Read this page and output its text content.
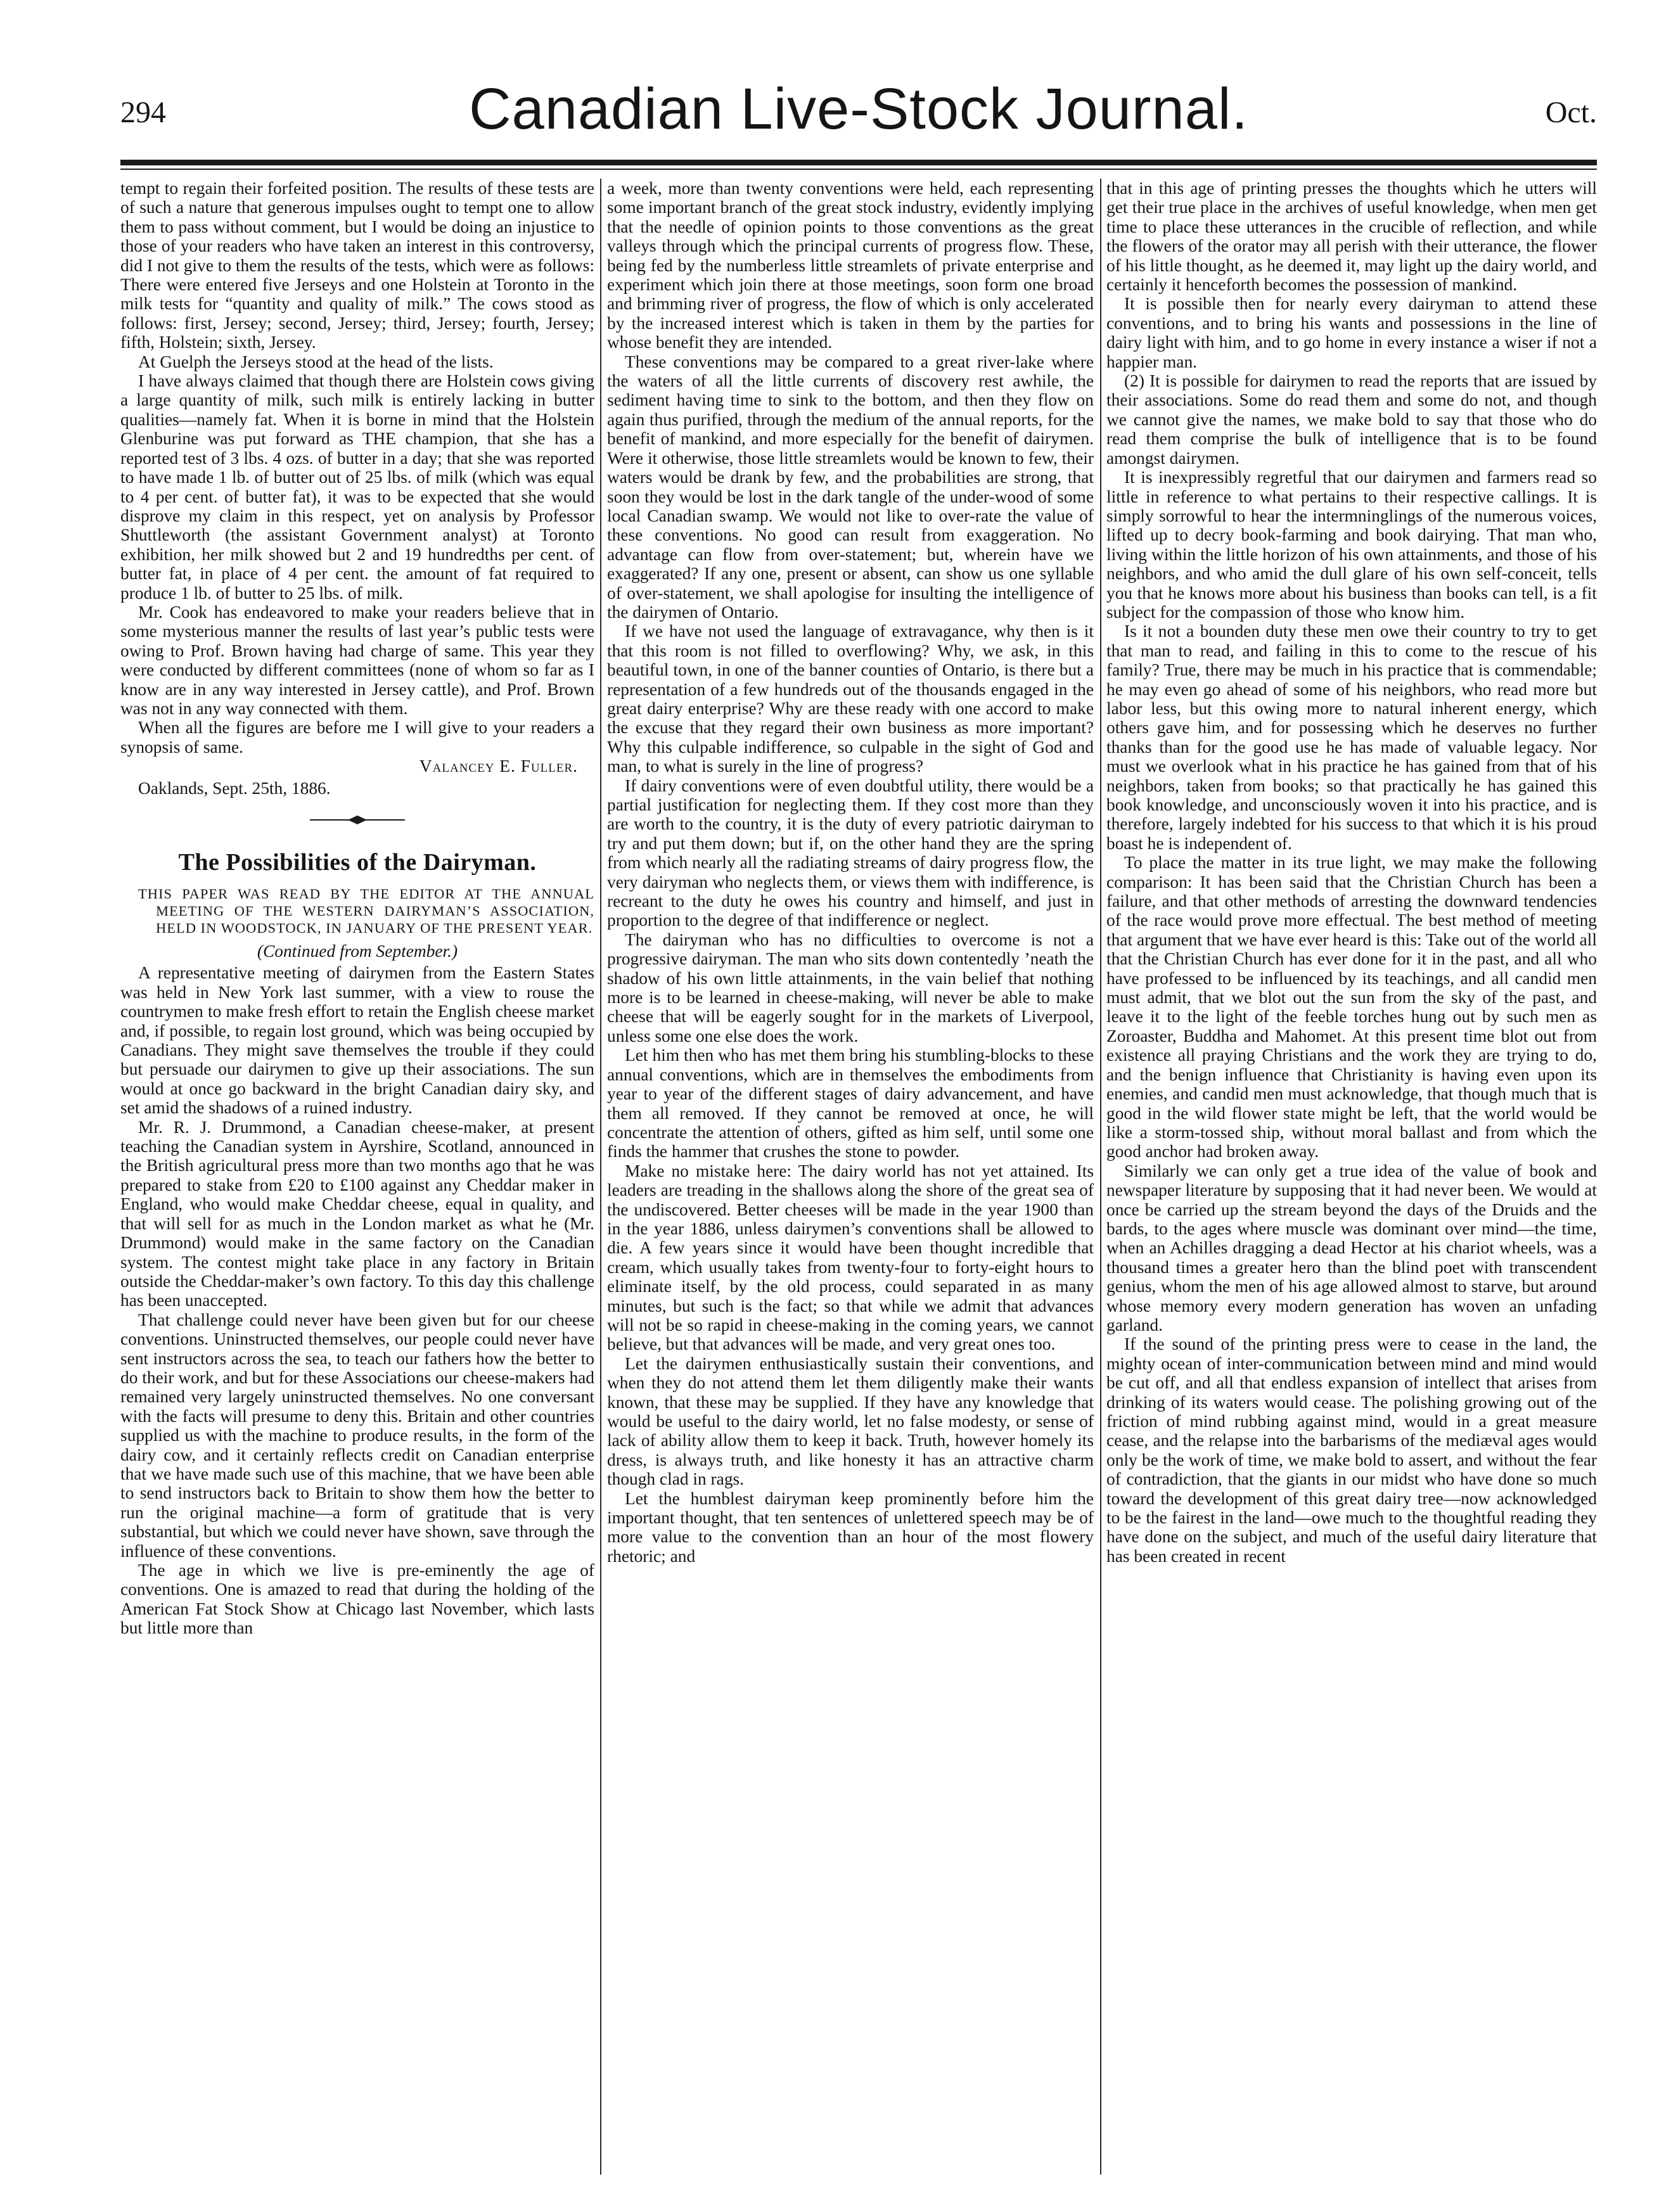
294	Canadian Live-Stock Journal.	Oct.

tempt to regain their forfeited position. The results of these tests are of such a nature that generous impulses ought to tempt one to allow them to pass without comment, but I would be doing an injustice to those of your readers who have taken an interest in this controversy, did I not give to them the results of the tests, which were as follows: There were entered five Jerseys and one Holstein at Toronto in the milk tests for “quantity and quality of milk.” The cows stood as follows: first, Jersey; second, Jersey; third, Jersey; fourth, Jersey; fifth, Holstein; sixth, Jersey.

At Guelph the Jerseys stood at the head of the lists.

I have always claimed that though there are Holstein cows giving a large quantity of milk, such milk is entirely lacking in butter qualities—namely fat. When it is borne in mind that the Holstein Glenburine was put forward as THE champion, that she has a reported test of 3 lbs. 4 ozs. of butter in a day; that she was reported to have made 1 lb. of butter out of 25 lbs. of milk (which was equal to 4 per cent. of butter fat), it was to be expected that she would disprove my claim in this respect, yet on analysis by Professor Shuttleworth (the assistant Government analyst) at Toronto exhibition, her milk showed but 2 and 19 hundredths per cent. of butter fat, in place of 4 per cent. the amount of fat required to produce 1 lb. of butter to 25 lbs. of milk.

Mr. Cook has endeavored to make your readers believe that in some mysterious manner the results of last year’s public tests were owing to Prof. Brown having had charge of same. This year they were conducted by different committees (none of whom so far as I know are in any way interested in Jersey cattle), and Prof. Brown was not in any way connected with them.

When all the figures are before me I will give to your readers a synopsis of same.

Valancey E. Fuller.
Oaklands, Sept. 25th, 1886.
The Possibilities of the Dairyman.
THIS PAPER WAS READ BY THE EDITOR AT THE ANNUAL MEETING OF THE WESTERN DAIRYMAN’S ASSOCIATION, HELD IN WOODSTOCK, IN JANUARY OF THE PRESENT YEAR.
(Continued from September.)

A representative meeting of dairymen from the Eastern States was held in New York last summer, with a view to rouse the countrymen to make fresh effort to retain the English cheese market and, if possible, to regain lost ground, which was being occupied by Canadians. They might save themselves the trouble if they could but persuade our dairymen to give up their associations. The sun would at once go backward in the bright Canadian dairy sky, and set amid the shadows of a ruined industry.

Mr. R. J. Drummond, a Canadian cheese-maker, at present teaching the Canadian system in Ayrshire, Scotland, announced in the British agricultural press more than two months ago that he was prepared to stake from £20 to £100 against any Cheddar maker in England, who would make Cheddar cheese, equal in quality, and that will sell for as much in the London market as what he (Mr. Drummond) would make in the same factory on the Canadian system. The contest might take place in any factory in Britain outside the Cheddar-maker’s own factory. To this day this challenge has been unaccepted.

That challenge could never have been given but for our cheese conventions. Uninstructed themselves, our people could never have sent instructors across the sea, to teach our fathers how the better to do their work, and but for these Associations our cheese-makers had remained very largely uninstructed themselves. No one conversant with the facts will presume to deny this. Britain and other countries supplied us with the machine to produce results, in the form of the dairy cow, and it certainly reflects credit on Canadian enterprise that we have made such use of this machine, that we have been able to send instructors back to Britain to show them how the better to run the original machine—a form of gratitude that is very substantial, but which we could never have shown, save through the influence of these conventions.

The age in which we live is pre-eminently the age of conventions. One is amazed to read that during the holding of the American Fat Stock Show at Chicago last November, which lasts but little more than

a week, more than twenty conventions were held, each representing some important branch of the great stock industry, evidently implying that the needle of opinion points to those conventions as the great valleys through which the principal currents of progress flow. These, being fed by the numberless little streamlets of private enterprise and experiment which join there at those meetings, soon form one broad and brimming river of progress, the flow of which is only accelerated by the increased interest which is taken in them by the parties for whose benefit they are intended.

These conventions may be compared to a great river-lake where the waters of all the little currents of discovery rest awhile, the sediment having time to sink to the bottom, and then they flow on again thus purified, through the medium of the annual reports, for the benefit of mankind, and more especially for the benefit of dairymen. Were it otherwise, those little streamlets would be known to few, their waters would be drank by few, and the probabilities are strong, that soon they would be lost in the dark tangle of the under-wood of some local Canadian swamp. We would not like to over-rate the value of these conventions. No good can result from exaggeration. No advantage can flow from over-statement; but, wherein have we exaggerated? If any one, present or absent, can show us one syllable of over-statement, we shall apologise for insulting the intelligence of the dairymen of Ontario.

If we have not used the language of extravagance, why then is it that this room is not filled to overflowing? Why, we ask, in this beautiful town, in one of the banner counties of Ontario, is there but a representation of a few hundreds out of the thousands engaged in the great dairy enterprise? Why are these ready with one accord to make the excuse that they regard their own business as more important? Why this culpable indifference, so culpable in the sight of God and man, to what is surely in the line of progress?

If dairy conventions were of even doubtful utility, there would be a partial justification for neglecting them. If they cost more than they are worth to the country, it is the duty of every patriotic dairyman to try and put them down; but if, on the other hand they are the spring from which nearly all the radiating streams of dairy progress flow, the very dairyman who neglects them, or views them with indifference, is recreant to the duty he owes his country and himself, and just in proportion to the degree of that indifference or neglect.

The dairyman who has no difficulties to overcome is not a progressive dairyman. The man who sits down contentedly ’neath the shadow of his own little attainments, in the vain belief that nothing more is to be learned in cheese-making, will never be able to make cheese that will be eagerly sought for in the markets of Liverpool, unless some one else does the work.

Let him then who has met them bring his stumbling-blocks to these annual conventions, which are in themselves the embodiments from year to year of the different stages of dairy advancement, and have them all removed. If they cannot be removed at once, he will concentrate the attention of others, gifted as him self, until some one finds the hammer that crushes the stone to powder.

Make no mistake here: The dairy world has not yet attained. Its leaders are treading in the shallows along the shore of the great sea of the undiscovered. Better cheeses will be made in the year 1900 than in the year 1886, unless dairymen’s conventions shall be allowed to die. A few years since it would have been thought incredible that cream, which usually takes from twenty-four to forty-eight hours to eliminate itself, by the old process, could separated in as many minutes, but such is the fact; so that while we admit that advances will not be so rapid in cheese-making in the coming years, we cannot believe, but that advances will be made, and very great ones too.

Let the dairymen enthusiastically sustain their conventions, and when they do not attend them let them diligently make their wants known, that these may be supplied. If they have any knowledge that would be useful to the dairy world, let no false modesty, or sense of lack of ability allow them to keep it back. Truth, however homely its dress, is always truth, and like honesty it has an attractive charm though clad in rags.

Let the humblest dairyman keep prominently before him the important thought, that ten sentences of unlettered speech may be of more value to the convention than an hour of the most flowery rhetoric; and

that in this age of printing presses the thoughts which he utters will get their true place in the archives of useful knowledge, when men get time to place these utterances in the crucible of reflection, and while the flowers of the orator may all perish with their utterance, the flower of his little thought, as he deemed it, may light up the dairy world, and certainly it henceforth becomes the possession of mankind.

It is possible then for nearly every dairyman to attend these conventions, and to bring his wants and possessions in the line of dairy light with him, and to go home in every instance a wiser if not a happier man.

(2) It is possible for dairymen to read the reports that are issued by their associations. Some do read them and some do not, and though we cannot give the names, we make bold to say that those who do read them comprise the bulk of intelligence that is to be found amongst dairymen.

It is inexpressibly regretful that our dairymen and farmers read so little in reference to what pertains to their respective callings. It is simply sorrowful to hear the intermninglings of the numerous voices, lifted up to decry book-farming and book dairying. That man who, living within the little horizon of his own attainments, and those of his neighbors, and who amid the dull glare of his own self-conceit, tells you that he knows more about his business than books can tell, is a fit subject for the compassion of those who know him.

Is it not a bounden duty these men owe their country to try to get that man to read, and failing in this to come to the rescue of his family? True, there may be much in his practice that is commendable; he may even go ahead of some of his neighbors, who read more but labor less, but this owing more to natural inherent energy, which others gave him, and for possessing which he deserves no further thanks than for the good use he has made of valuable legacy. Nor must we overlook what in his practice he has gained from that of his neighbors, taken from books; so that practically he has gained this book knowledge, and unconsciously woven it into his practice, and is therefore, largely indebted for his success to that which it is his proud boast he is independent of.

To place the matter in its true light, we may make the following comparison: It has been said that the Christian Church has been a failure, and that other methods of arresting the downward tendencies of the race would prove more effectual. The best method of meeting that argument that we have ever heard is this: Take out of the world all that the Christian Church has ever done for it in the past, and all who have professed to be influenced by its teachings, and all candid men must admit, that we blot out the sun from the sky of the past, and leave it to the light of the feeble torches hung out by such men as Zoroaster, Buddha and Mahomet. At this present time blot out from existence all praying Christians and the work they are trying to do, and the benign influence that Christianity is having even upon its enemies, and candid men must acknowledge, that though much that is good in the wild flower state might be left, that the world would be like a storm-tossed ship, without moral ballast and from which the good anchor had broken away.

Similarly we can only get a true idea of the value of book and newspaper literature by supposing that it had never been. We would at once be carried up the stream beyond the days of the Druids and the bards, to the ages where muscle was dominant over mind—the time, when an Achilles dragging a dead Hector at his chariot wheels, was a thousand times a greater hero than the blind poet with transcendent genius, whom the men of his age allowed almost to starve, but around whose memory every modern generation has woven an unfading garland.

If the sound of the printing press were to cease in the land, the mighty ocean of inter-communication between mind and mind would be cut off, and all that endless expansion of intellect that arises from drinking of its waters would cease. The polishing growing out of the friction of mind rubbing against mind, would in a great measure cease, and the relapse into the barbarisms of the mediæval ages would only be the work of time, we make bold to assert, and without the fear of contradiction, that the giants in our midst who have done so much toward the development of this great dairy tree—now acknowledged to be the fairest in the land—owe much to the thoughtful reading they have done on the subject, and much of the useful dairy literature that has been created in recent
